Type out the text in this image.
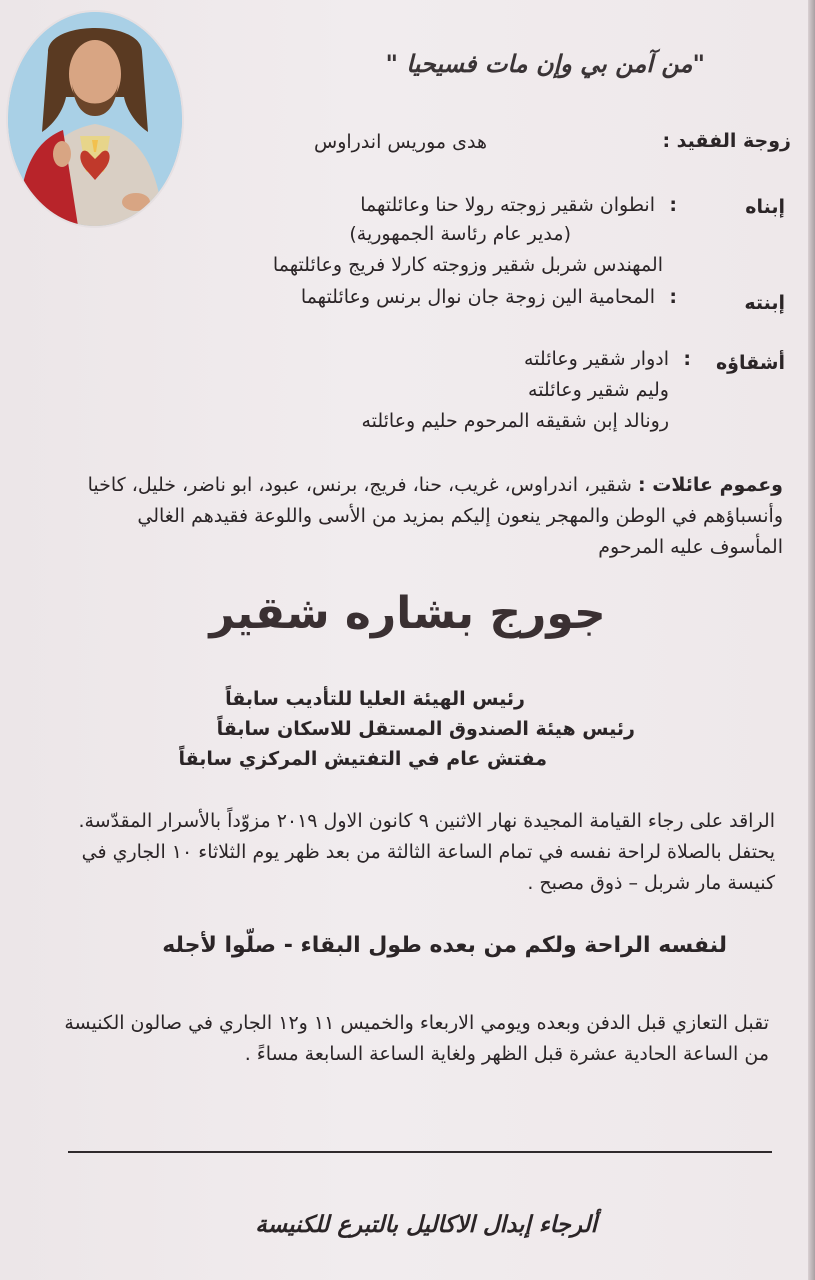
"من آمن بي وإن مات فسيحيا "
زوجة الفقيد :
هدى موريس اندراوس
إبناه
:
انطوان شقير زوجته رولا حنا وعائلتهما
(مدير عام رئاسة الجمهورية)
المهندس شربل شقير وزوجته كارلا فريج وعائلتهما
إبنته
:
المحامية الين زوجة جان نوال برنس وعائلتهما
أشقاؤه
:
ادوار شقير وعائلته
وليم شقير وعائلته
رونالد إبن شقيقه المرحوم حليم وعائلته
وعموم عائلات : شقير، اندراوس، غريب، حنا، فريج، برنس، عبود، ابو ناضر، خليل، كاخيا وأنسباؤهم في الوطن والمهجر ينعون إليكم بمزيد من الأسى واللوعة فقيدهم الغالي المأسوف عليه المرحوم
جورج بشاره شقير
رئيس الهيئة العليا للتأديب سابقاً
رئيس هيئة الصندوق المستقل للاسكان سابقاً
مفتش عام في التفتيش المركزي سابقاً
الراقد على رجاء القيامة المجيدة نهار الاثنين ٩ كانون الاول ٢٠١٩ مزوّداً بالأسرار المقدّسة. يحتفل بالصلاة لراحة نفسه في تمام الساعة الثالثة من بعد ظهر يوم الثلاثاء ١٠ الجاري في كنيسة مار شربل – ذوق مصبح .
لنفسه الراحة ولكم من بعده طول البقاء - صلّوا لأجله
تقبل التعازي قبل الدفن وبعده ويومي الاربعاء والخميس ١١ و١٢ الجاري في صالون الكنيسة من الساعة الحادية عشرة قبل الظهر ولغاية الساعة السابعة مساءً .
ألرجاء إبدال الاكاليل بالتبرع للكنيسة
